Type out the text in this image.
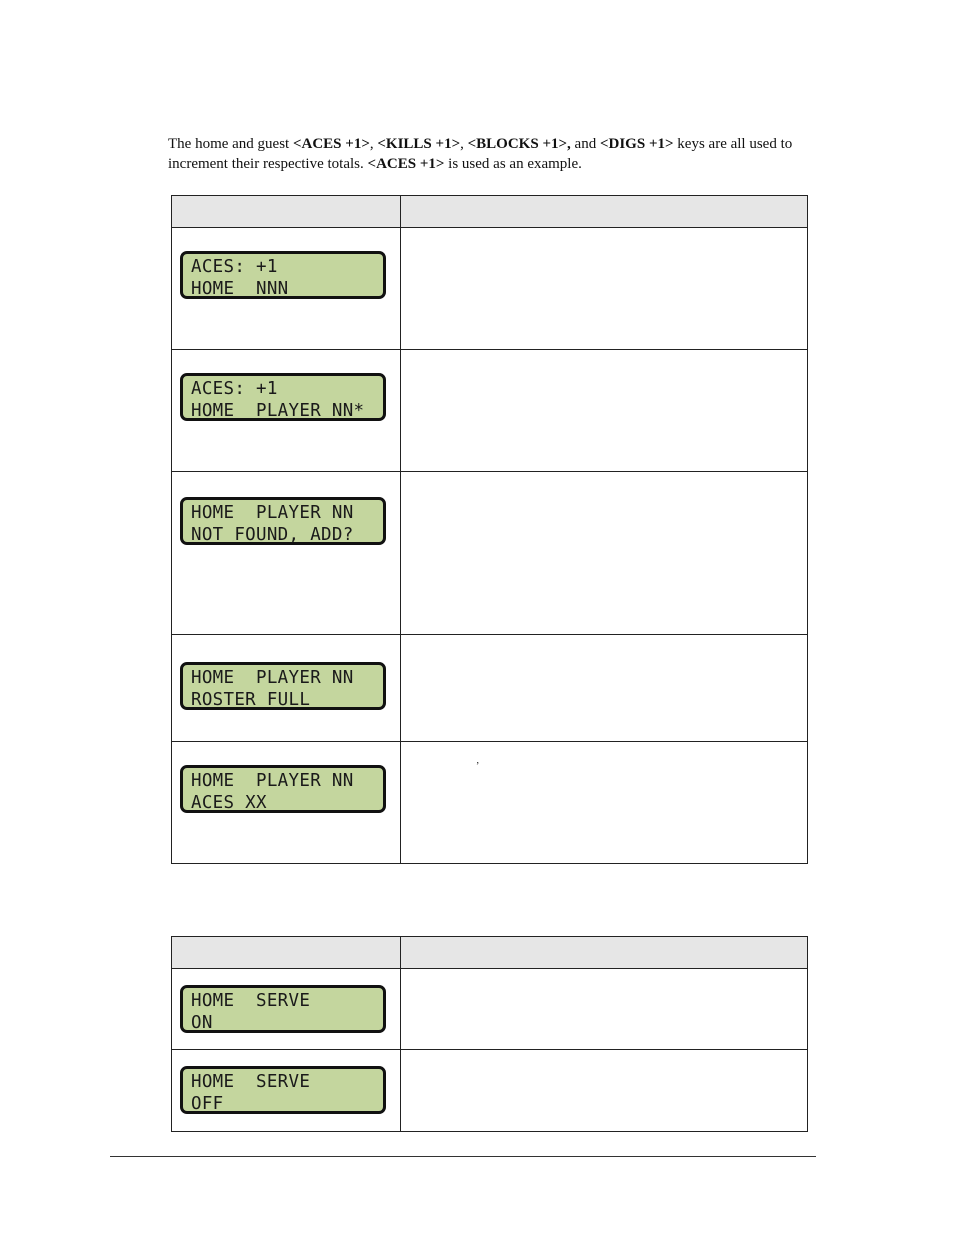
The home and guest <ACES +1>, <KILLS +1>, <BLOCKS +1>, and <DIGS +1> keys are all used to increment their respective totals. <ACES +1> is used as an example.

ACES: +1
HOME  NNN	

ACES: +1
HOME  PLAYER NN*	

HOME  PLAYER NN
NOT FOUND, ADD?	

HOME  PLAYER NN
ROSTER FULL	

HOME  PLAYER NN
ACES XX	’

HOME  SERVE
ON	

HOME  SERVE
OFF	
